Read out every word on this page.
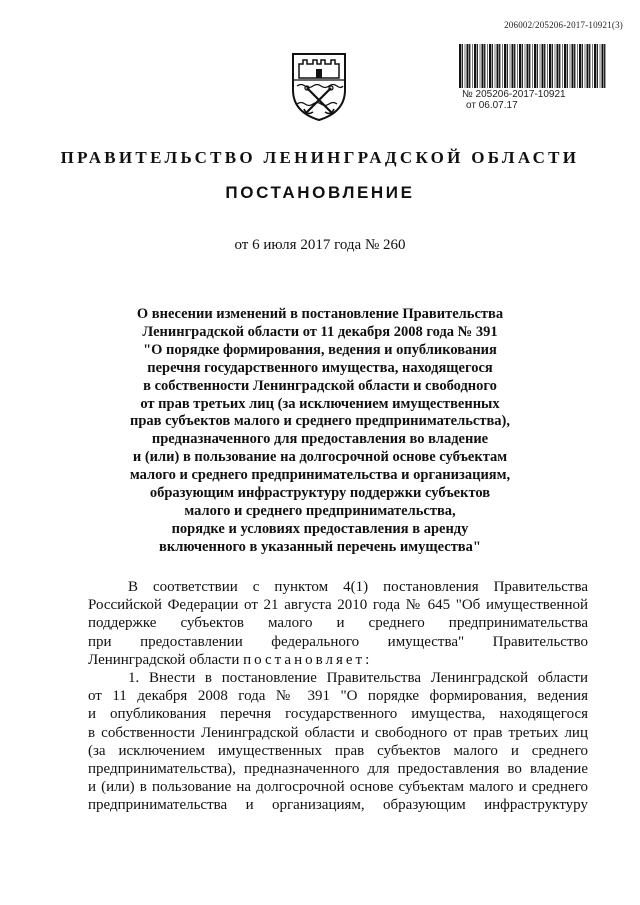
206002/205206-2017-10921(3)
№ 205206-2017-10921
от 06.07.17
ПРАВИТЕЛЬСТВО ЛЕНИНГРАДСКОЙ ОБЛАСТИ
ПОСТАНОВЛЕНИЕ
от 6 июля 2017 года № 260
О внесении изменений в постановление Правительства
Ленинградской области от 11 декабря 2008 года № 391
"О порядке формирования, ведения и опубликования
перечня государственного имущества, находящегося
в собственности Ленинградской области и свободного
от прав третьих лиц (за исключением имущественных
прав субъектов малого и среднего предпринимательства),
предназначенного для предоставления во владение
и (или) в пользование на долгосрочной основе субъектам
малого и среднего предпринимательства и организациям,
образующим инфраструктуру поддержки субъектов
малого и среднего предпринимательства,
порядке и условиях предоставления в аренду
включенного в указанный перечень имущества"
В соответствии с пунктом 4(1) постановления Правительства
Российской Федерации от 21 августа 2010 года № 645 "Об имущественной
поддержке субъектов малого и среднего предпринимательства
при предоставлении федерального имущества" Правительство
Ленинградской области постановляет:
1. Внести в постановление Правительства Ленинградской области
от 11 декабря 2008 года № 391 "О порядке формирования, ведения
и опубликования перечня государственного имущества, находящегося
в собственности Ленинградской области и свободного от прав третьих лиц
(за исключением имущественных прав субъектов малого и среднего
предпринимательства), предназначенного для предоставления во владение
и (или) в пользование на долгосрочной основе субъектам малого и среднего
предпринимательства и организациям, образующим инфраструктуру
